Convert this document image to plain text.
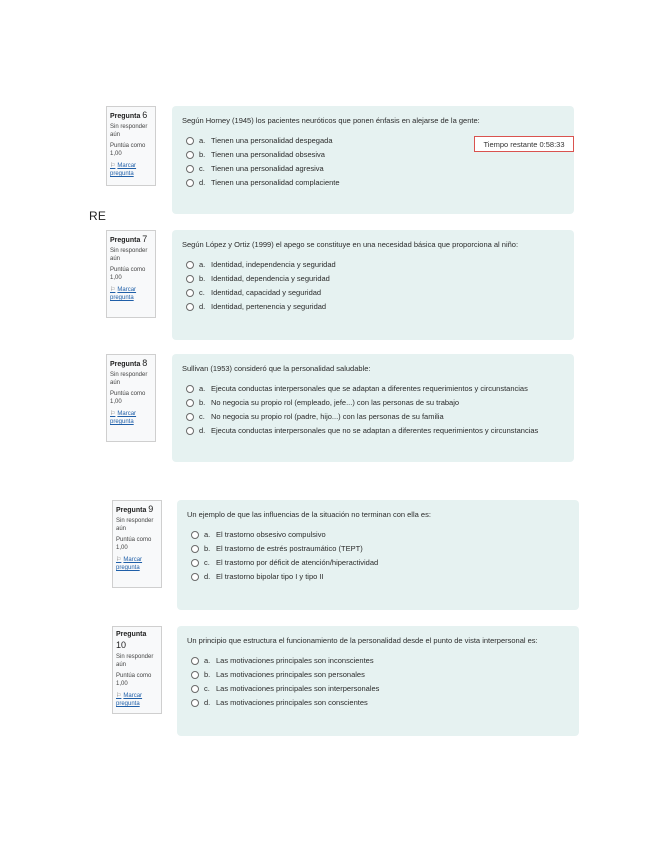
RE
Pregunta 6
Sin responder aún
Puntúa como 1,00
⚐ Marcar pregunta
Según Horney (1945) los pacientes neuróticos que ponen énfasis en alejarse de la gente:
a. Tienen una personalidad despegada
b. Tienen una personalidad obsesiva
c. Tienen una personalidad agresiva
d. Tienen una personalidad complaciente
Tiempo restante 0:58:33
Pregunta 7
Sin responder aún
Puntúa como 1,00
⚐ Marcar pregunta
Según López y Ortiz (1999) el apego se constituye en una necesidad básica que proporciona al niño:
a. Identidad, independencia y seguridad
b. Identidad, dependencia y seguridad
c. Identidad, capacidad y seguridad
d. Identidad, pertenencia y seguridad
Pregunta 8
Sin responder aún
Puntúa como 1,00
⚐ Marcar pregunta
Sullivan (1953) consideró que la personalidad saludable:
a. Ejecuta conductas interpersonales que se adaptan a diferentes requerimientos y circunstancias
b. No negocia su propio rol (empleado, jefe...) con las personas de su trabajo
c. No negocia su propio rol (padre, hijo...) con las personas de su familia
d. Ejecuta conductas interpersonales que no se adaptan a diferentes requerimientos y circunstancias
Pregunta 9
Sin responder aún
Puntúa como 1,00
⚐ Marcar pregunta
Un ejemplo de que las influencias de la situación no terminan con ella es:
a. El trastorno obsesivo compulsivo
b. El trastorno de estrés postraumático (TEPT)
c. El trastorno por déficit de atención/hiperactividad
d. El trastorno bipolar tipo I y tipo II
Pregunta 10
Sin responder aún
Puntúa como 1,00
⚐ Marcar pregunta
Un principio que estructura el funcionamiento de la personalidad desde el punto de vista interpersonal es:
a. Las motivaciones principales son inconscientes
b. Las motivaciones principales son personales
c. Las motivaciones principales son interpersonales
d. Las motivaciones principales son conscientes
